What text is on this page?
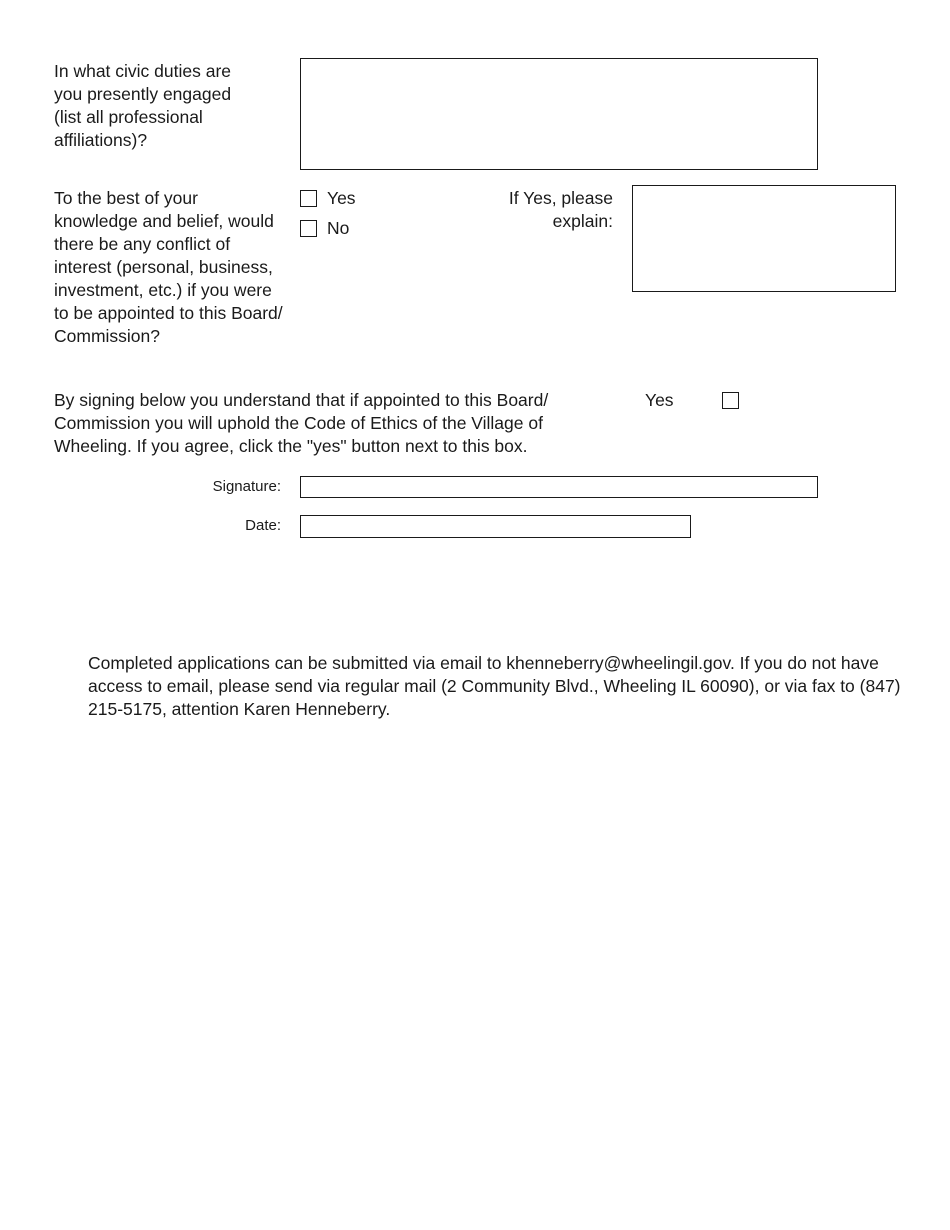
In what civic duties are you presently engaged (list all professional affiliations)?
To the best of your knowledge and belief, would there be any conflict of interest (personal, business, investment, etc.) if you were to be appointed to this Board/ Commission?
Yes
No
If Yes, please
explain:
By signing below you understand that if appointed to this Board/ Commission you will uphold the Code of Ethics of the Village of Wheeling. If you agree, click the "yes" button next to this box.
Yes
Signature:
Date:
Completed applications can be submitted via email to khenneberry@wheelingil.gov. If you do not have access to email, please send via regular mail (2 Community Blvd., Wheeling IL 60090), or via fax to (847) 215-5175, attention Karen Henneberry.
